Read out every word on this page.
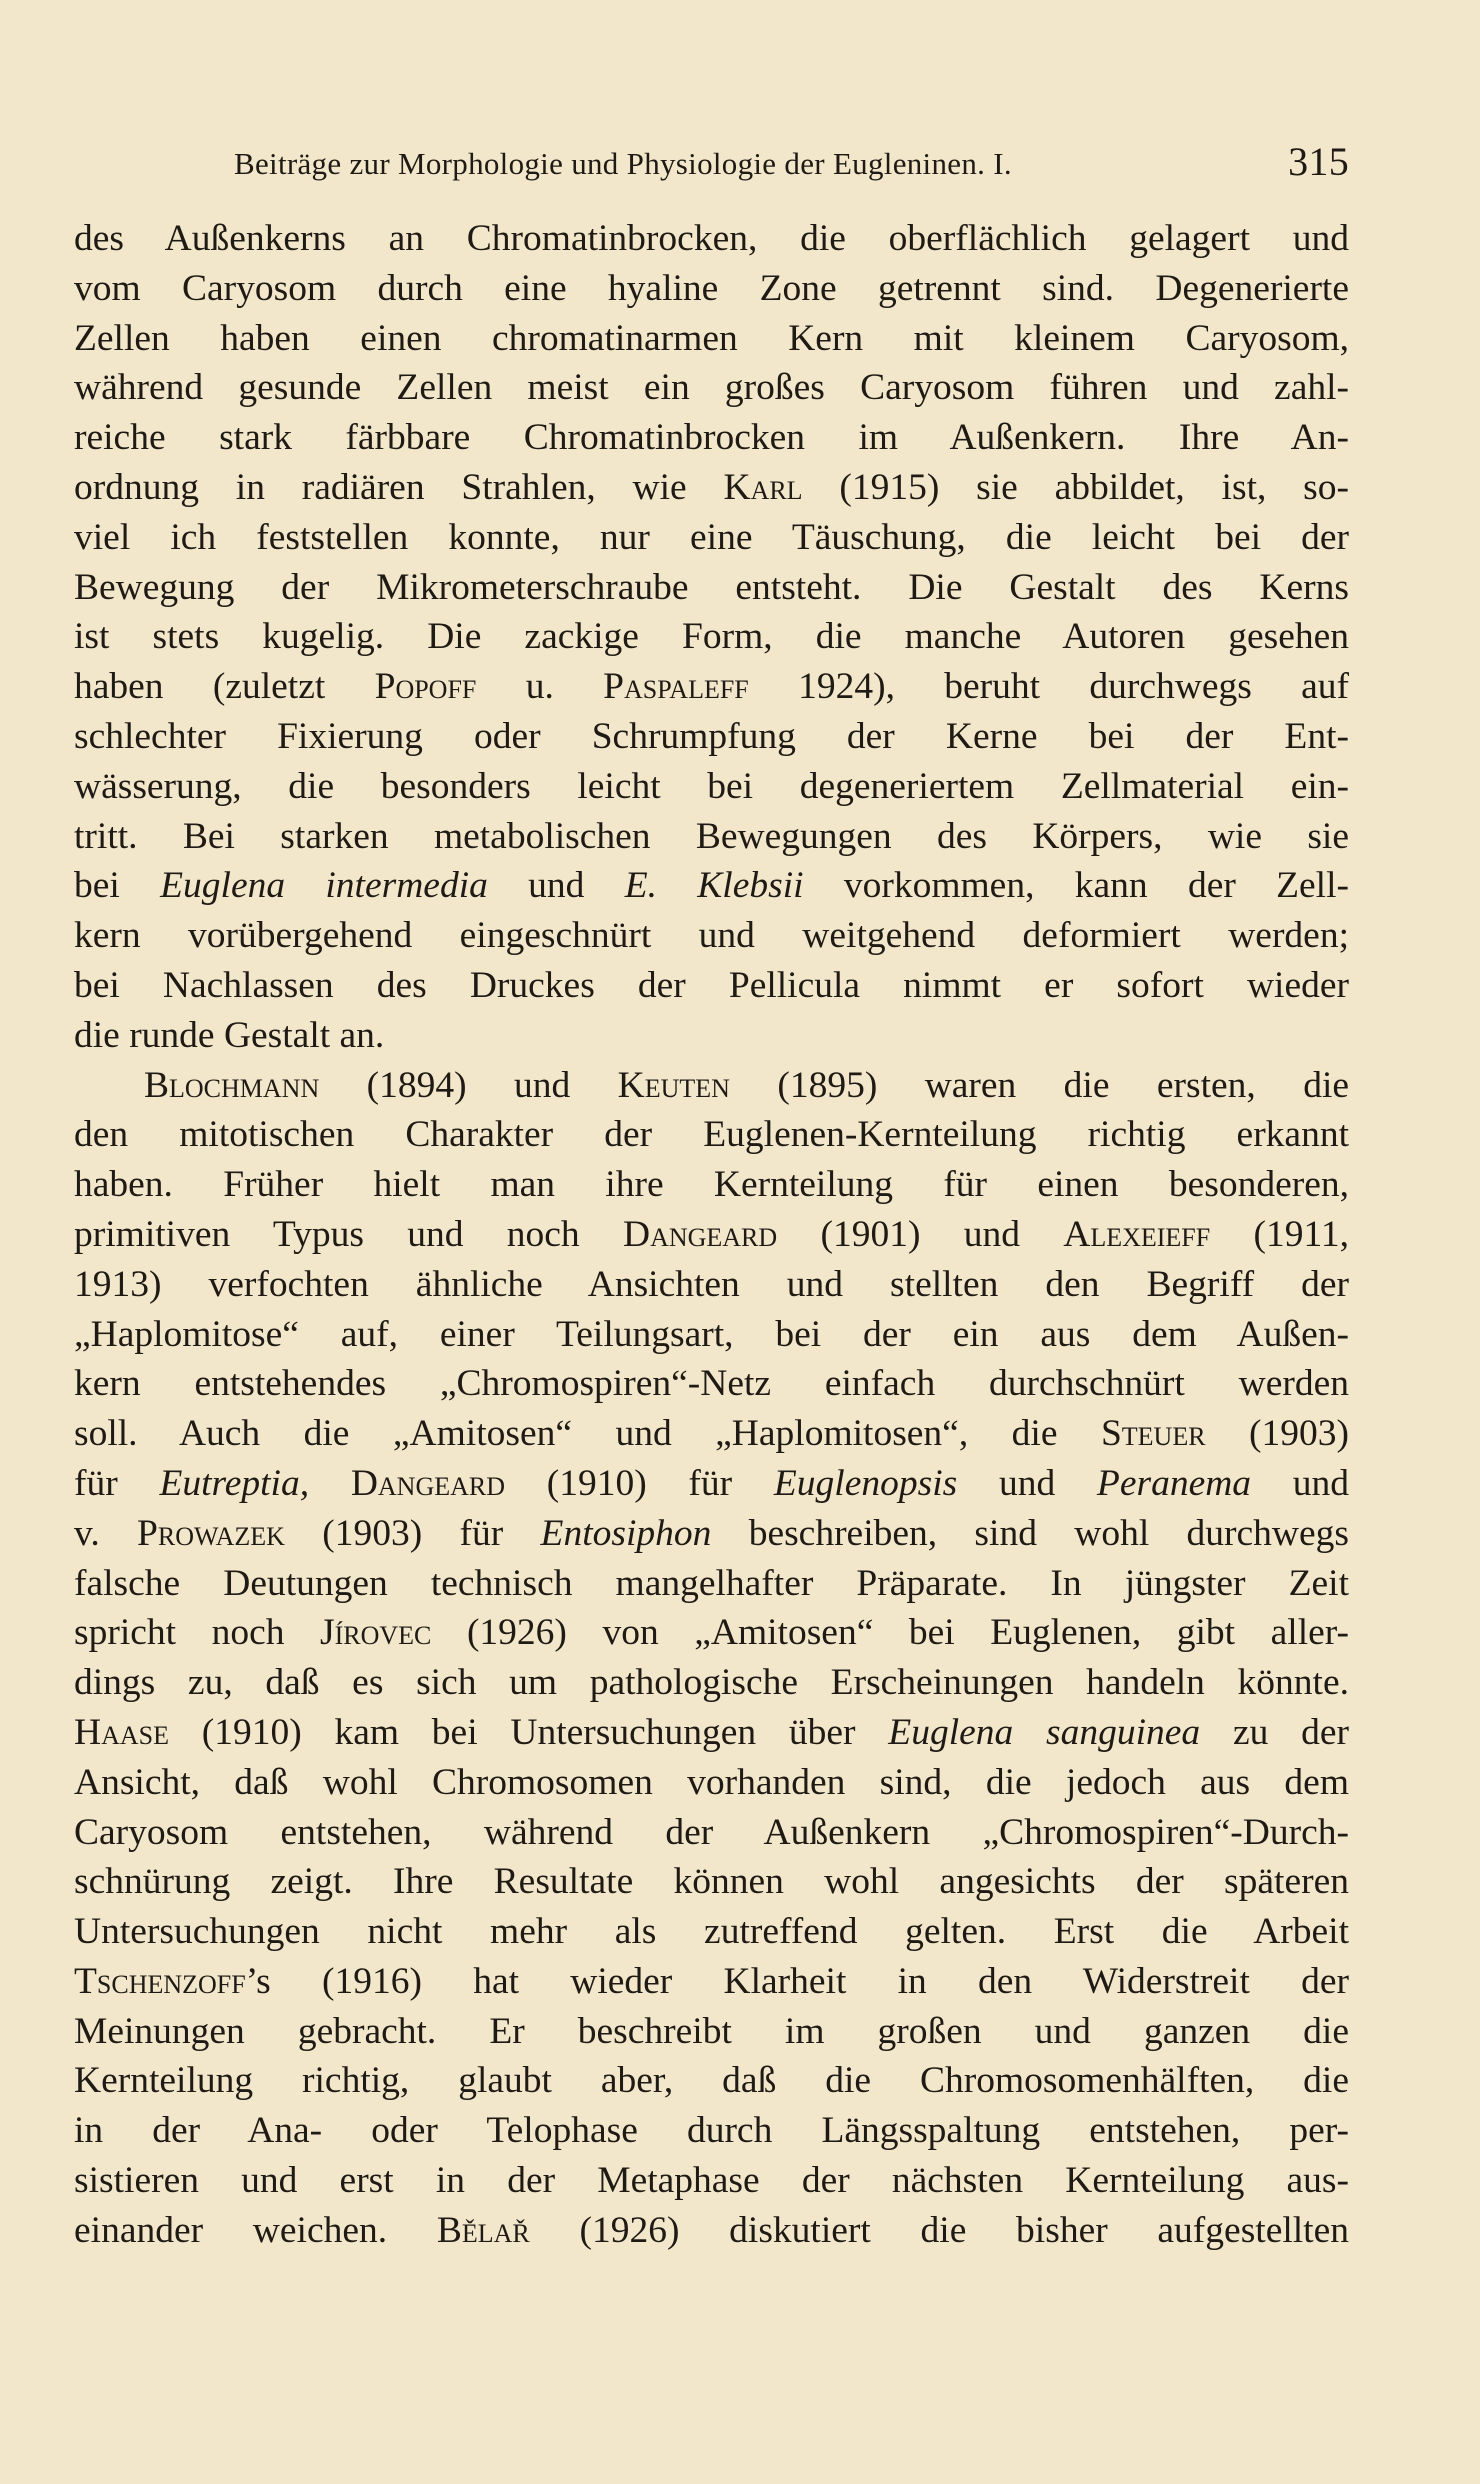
Beiträge zur Morphologie und Physiologie der Eugleninen. I.	315
des Außenkerns an Chromatinbrocken, die oberflächlich gelagert und
vom Caryosom durch eine hyaline Zone getrennt sind. Degenerierte
Zellen haben einen chromatinarmen Kern mit kleinem Caryosom,
während gesunde Zellen meist ein großes Caryosom führen und zahl-
reiche stark färbbare Chromatinbrocken im Außenkern. Ihre An-
ordnung in radiären Strahlen, wie Karl (1915) sie abbildet, ist, so-
viel ich feststellen konnte, nur eine Täuschung, die leicht bei der
Bewegung der Mikrometerschraube entsteht. Die Gestalt des Kerns
ist stets kugelig. Die zackige Form, die manche Autoren gesehen
haben (zuletzt Popoff u. Paspaleff 1924), beruht durchwegs auf
schlechter Fixierung oder Schrumpfung der Kerne bei der Ent-
wässerung, die besonders leicht bei degeneriertem Zellmaterial ein-
tritt. Bei starken metabolischen Bewegungen des Körpers, wie sie
bei Euglena intermedia und E. Klebsii vorkommen, kann der Zell-
kern vorübergehend eingeschnürt und weitgehend deformiert werden;
bei Nachlassen des Druckes der Pellicula nimmt er sofort wieder
die runde Gestalt an.
Blochmann (1894) und Keuten (1895) waren die ersten, die
den mitotischen Charakter der Euglenen-Kernteilung richtig erkannt
haben. Früher hielt man ihre Kernteilung für einen besonderen,
primitiven Typus und noch Dangeard (1901) und Alexeieff (1911,
1913) verfochten ähnliche Ansichten und stellten den Begriff der
„Haplomitose“ auf, einer Teilungsart, bei der ein aus dem Außen-
kern entstehendes „Chromospiren“-Netz einfach durchschnürt werden
soll. Auch die „Amitosen“ und „Haplomitosen“, die Steuer (1903)
für Eutreptia, Dangeard (1910) für Euglenopsis und Peranema und
v. Prowazek (1903) für Entosiphon beschreiben, sind wohl durchwegs
falsche Deutungen technisch mangelhafter Präparate. In jüngster Zeit
spricht noch Jírovec (1926) von „Amitosen“ bei Euglenen, gibt aller-
dings zu, daß es sich um pathologische Erscheinungen handeln könnte.
Haase (1910) kam bei Untersuchungen über Euglena sanguinea zu der
Ansicht, daß wohl Chromosomen vorhanden sind, die jedoch aus dem
Caryosom entstehen, während der Außenkern „Chromospiren“-Durch-
schnürung zeigt. Ihre Resultate können wohl angesichts der späteren
Untersuchungen nicht mehr als zutreffend gelten. Erst die Arbeit
Tschenzoff’s (1916) hat wieder Klarheit in den Widerstreit der
Meinungen gebracht. Er beschreibt im großen und ganzen die
Kernteilung richtig, glaubt aber, daß die Chromosomenhälften, die
in der Ana- oder Telophase durch Längsspaltung entstehen, per-
sistieren und erst in der Metaphase der nächsten Kernteilung aus-
einander weichen. Bělař (1926) diskutiert die bisher aufgestellten
